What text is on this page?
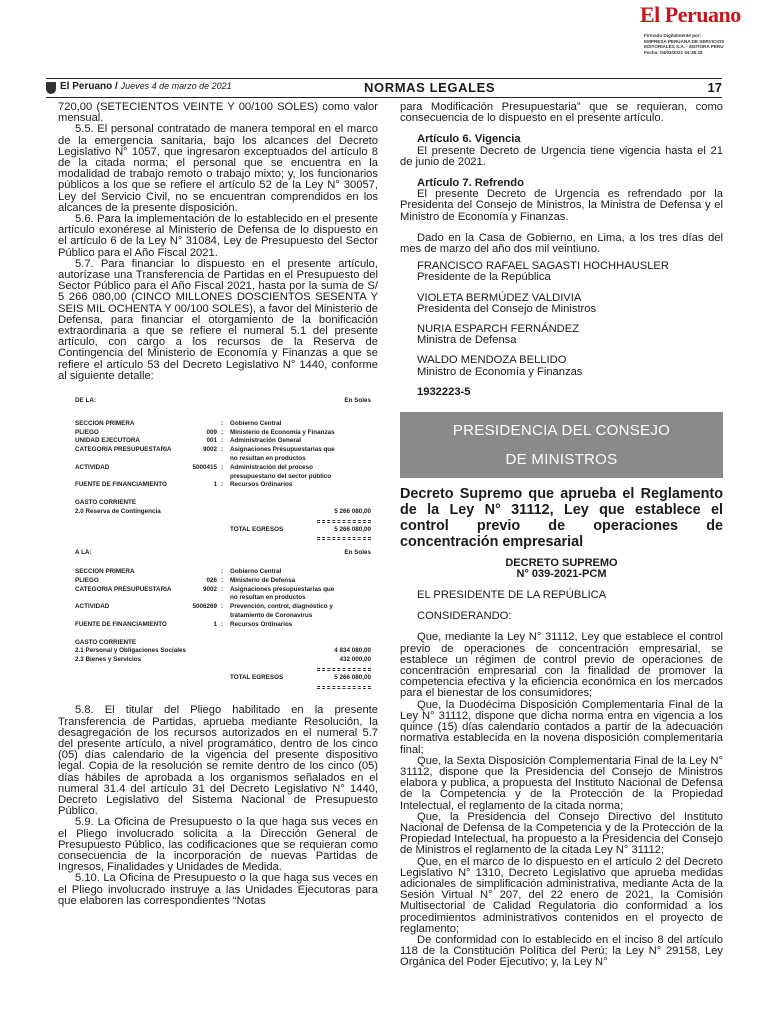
El Peruano
Firmado Digitalmente por:
EMPRESA PERUANA DE SERVICIOS
EDITORIALES S.A. - EDITORA PERU
Fecha: 04/03/2021 04:38:15
El Peruano / Jueves 4 de marzo de 2021	NORMAS LEGALES	17
720,00 (SETECIENTOS VEINTE Y 00/100 SOLES) como valor mensual.
5.5. El personal contratado de manera temporal en el marco de la emergencia sanitaria, bajo los alcances del Decreto Legislativo N° 1057, que ingresaron exceptuados del artículo 8 de la citada norma; el personal que se encuentra en la modalidad de trabajo remoto o trabajo mixto; y, los funcionarios públicos a los que se refiere el artículo 52 de la Ley N° 30057, Ley del Servicio Civil, no se encuentran comprendidos en los alcances de la presente disposición.
5.6. Para la implementación de lo establecido en el presente artículo exonérese al Ministerio de Defensa de lo dispuesto en el artículo 6 de la Ley N° 31084, Ley de Presupuesto del Sector Público para el Año Fiscal 2021.
5.7. Para financiar lo dispuesto en el presente artículo, autorízase una Transferencia de Partidas en el Presupuesto del Sector Público para el Año Fiscal 2021, hasta por la suma de S/ 5 266 080,00 (CINCO MILLONES DOSCIENTOS SESENTA Y SEIS MIL OCHENTA Y 00/100 SOLES), a favor del Ministerio de Defensa, para financiar el otorgamiento de la bonificación extraordinaria a que se refiere el numeral 5.1 del presente artículo, con cargo a los recursos de la Reserva de Contingencia del Ministerio de Economía y Finanzas a que se refiere el artículo 53 del Decreto Legislativo N° 1440, conforme al siguiente detalle:
DE LA:	En Soles
SECCION PRIMERA	: Gobierno Central
PLIEGO	009 : Ministerio de Economía y Finanzas
UNIDAD EJECUTORA	001 : Administración General
CATEGORIA PRESUPUESTARIA	9002 : Asignaciones Presupuestarias que no resultan en productos
ACTIVIDAD	5000415 : Administración del proceso presupuestario del sector público
FUENTE DE FINANCIAMIENTO	1 : Recursos Ordinarios
GASTO CORRIENTE
2.0 Reserva de Contingencia	5 266 080,00
TOTAL EGRESOS	5 266 080,00
A LA:	En Soles
SECCION PRIMERA	: Gobierno Central
PLIEGO	026 : Ministerio de Defensa
CATEGORIA PRESUPUESTARIA	9002 : Asignaciones presupuestarias que no resultan en productos
ACTIVIDAD	5006269 : Prevención, control, diagnóstico y tratamiento de Coronavirus
FUENTE DE FINANCIAMIENTO	1 : Recursos Ordinarios
GASTO CORRIENTE
2.1 Personal y Obligaciones Sociales	4 834 080,00
2.3 Bienes y Servicios	432 000,00
TOTAL EGRESOS	5 266 080,00
5.8. El titular del Pliego habilitado en la presente Transferencia de Partidas, aprueba mediante Resolución, la desagregación de los recursos autorizados en el numeral 5.7 del presente artículo, a nivel programático, dentro de los cinco (05) días calendario de la vigencia del presente dispositivo legal. Copia de la resolución se remite dentro de los cinco (05) días hábiles de aprobada a los organismos señalados en el numeral 31.4 del artículo 31 del Decreto Legislativo N° 1440, Decreto Legislativo del Sistema Nacional de Presupuesto Público.
5.9. La Oficina de Presupuesto o la que haga sus veces en el Pliego involucrado solicita a la Dirección General de Presupuesto Público, las codificaciones que se requieran como consecuencia de la incorporación de nuevas Partidas de Ingresos, Finalidades y Unidades de Medida.
5.10. La Oficina de Presupuesto o la que haga sus veces en el Pliego involucrado instruye a las Unidades Ejecutoras para que elaboren las correspondientes “Notas
para Modificación Presupuestaria” que se requieran, como consecuencia de lo dispuesto en el presente artículo.
Artículo 6. Vigencia
El presente Decreto de Urgencia tiene vigencia hasta el 21 de junio de 2021.
Artículo 7. Refrendo
El presente Decreto de Urgencia es refrendado por la Presidenta del Consejo de Ministros, la Ministra de Defensa y el Ministro de Economía y Finanzas.
Dado en la Casa de Gobierno, en Lima, a los tres días del mes de marzo del año dos mil veintiuno.
FRANCISCO RAFAEL SAGASTI HOCHHAUSLER
Presidente de la República
VIOLETA BERMÚDEZ VALDIVIA
Presidenta del Consejo de Ministros
NURIA ESPARCH FERNÁNDEZ
Ministra de Defensa
WALDO MENDOZA BELLIDO
Ministro de Economía y Finanzas
1932223-5
PRESIDENCIA DEL CONSEJO
DE MINISTROS
Decreto Supremo que aprueba el Reglamento de la Ley N° 31112, Ley que establece el control previo de operaciones de concentración empresarial
DECRETO SUPREMO
N° 039-2021-PCM
EL PRESIDENTE DE LA REPÚBLICA
CONSIDERANDO:
Que, mediante la Ley N° 31112, Ley que establece el control previo de operaciones de concentración empresarial, se establece un régimen de control previo de operaciones de concentración empresarial con la finalidad de promover la competencia efectiva y la eficiencia económica en los mercados para el bienestar de los consumidores;
Que, la Duodécima Disposición Complementaria Final de la Ley N° 31112, dispone que dicha norma entra en vigencia a los quince (15) días calendario contados a partir de la adecuación normativa establecida en la novena disposición complementaria final;
Que, la Sexta Disposición Complementaria Final de la Ley N° 31112, dispone que la Presidencia del Consejo de Ministros elabora y publica, a propuesta del Instituto Nacional de Defensa de la Competencia y de la Protección de la Propiedad Intelectual, el reglamento de la citada norma;
Que, la Presidencia del Consejo Directivo del Instituto Nacional de Defensa de la Competencia y de la Protección de la Propiedad Intelectual, ha propuesto a la Presidencia del Consejo de Ministros el reglamento de la citada Ley N° 31112;
Que, en el marco de lo dispuesto en el artículo 2 del Decreto Legislativo N° 1310, Decreto Legislativo que aprueba medidas adicionales de simplificación administrativa, mediante Acta de la Sesión Virtual N° 207, del 22 enero de 2021, la Comisión Multisectorial de Calidad Regulatoria dio conformidad a los procedimientos administrativos contenidos en el proyecto de reglamento;
De conformidad con lo establecido en el inciso 8 del artículo 118 de la Constitución Política del Perú; la Ley N° 29158, Ley Orgánica del Poder Ejecutivo; y, la Ley N°
